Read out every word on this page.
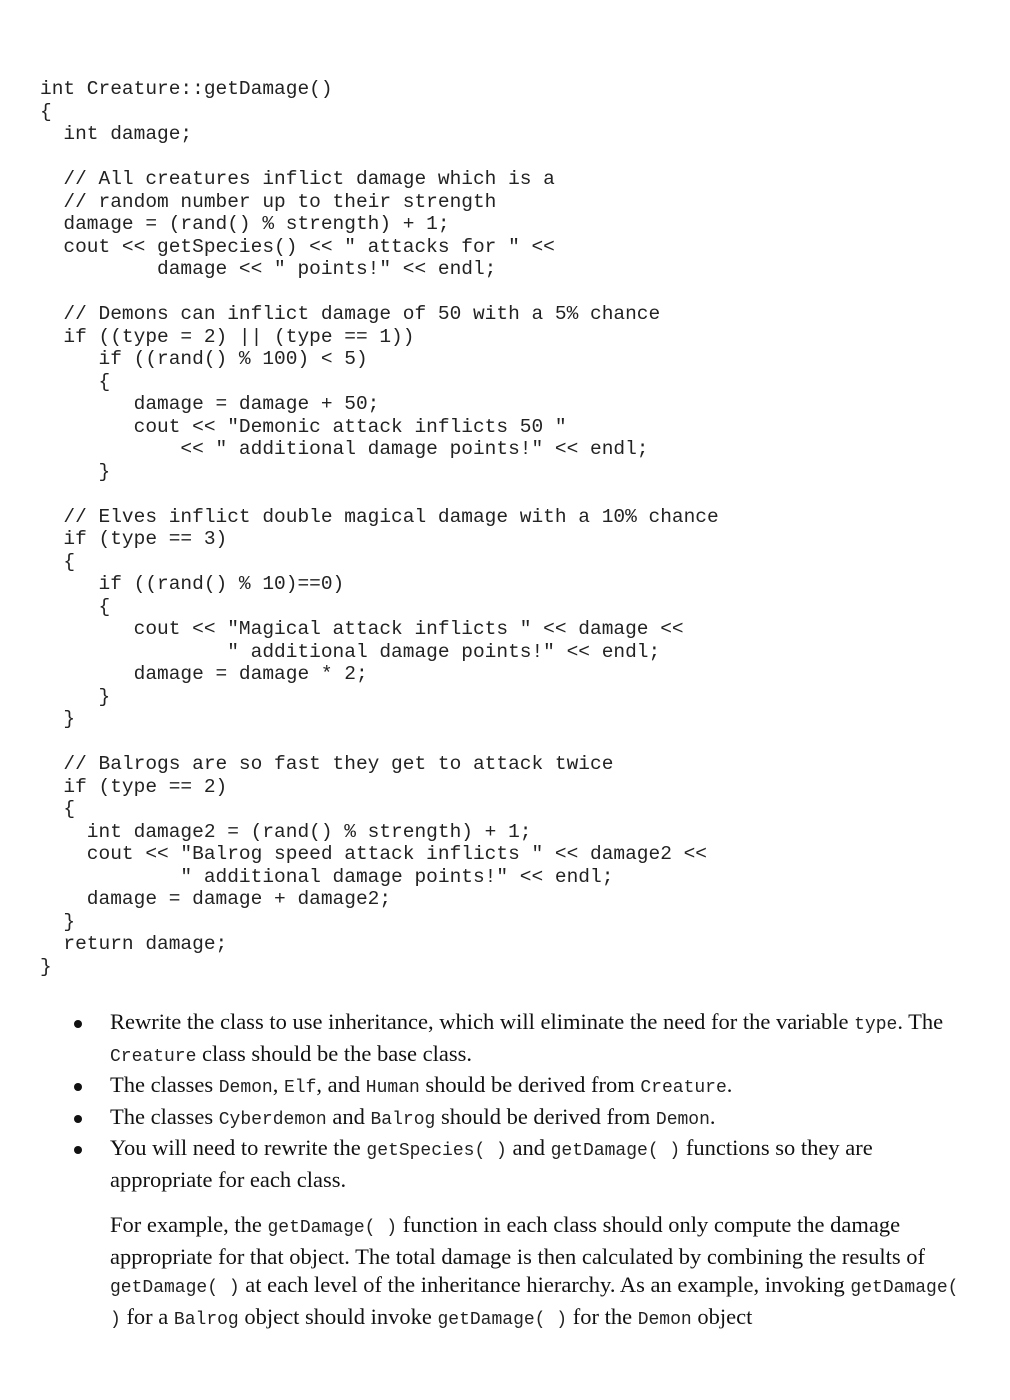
int Creature::getDamage()
{
int damage;
// All creatures inflict damage which is a
// random number up to their strength
damage = (rand() % strength) + 1;
cout << getSpecies() << " attacks for " <<
damage << " points!" << endl;
// Demons can inflict damage of 50 with a 5% chance
if ((type = 2) || (type == 1))
if ((rand() % 100) < 5)
{
damage = damage + 50;
cout << "Demonic attack inflicts 50 "
<< " additional damage points!" << endl;
}
// Elves inflict double magical damage with a 10% chance
if (type == 3)
{
if ((rand() % 10)==0)
{
cout << "Magical attack inflicts " << damage <<
" additional damage points!" << endl;
damage = damage * 2;
}
}
// Balrogs are so fast they get to attack twice
if (type == 2)
{
int damage2 = (rand() % strength) + 1;
cout << "Balrog speed attack inflicts " << damage2 <<
" additional damage points!" << endl;
damage = damage + damage2;
}
return damage;
}
Rewrite the class to use inheritance, which will eliminate the need for the variable type. The Creature class should be the base class.
The classes Demon, Elf, and Human should be derived from Creature.
The classes Cyberdemon and Balrog should be derived from Demon.
You will need to rewrite the getSpecies( ) and getDamage( ) functions so they are appropriate for each class.
For example, the getDamage( ) function in each class should only compute the damage appropriate for that object. The total damage is then calculated by combining the results of getDamage( ) at each level of the inheritance hierarchy. As an example, invoking getDamage( ) for a Balrog object should invoke getDamage( ) for the Demon object
